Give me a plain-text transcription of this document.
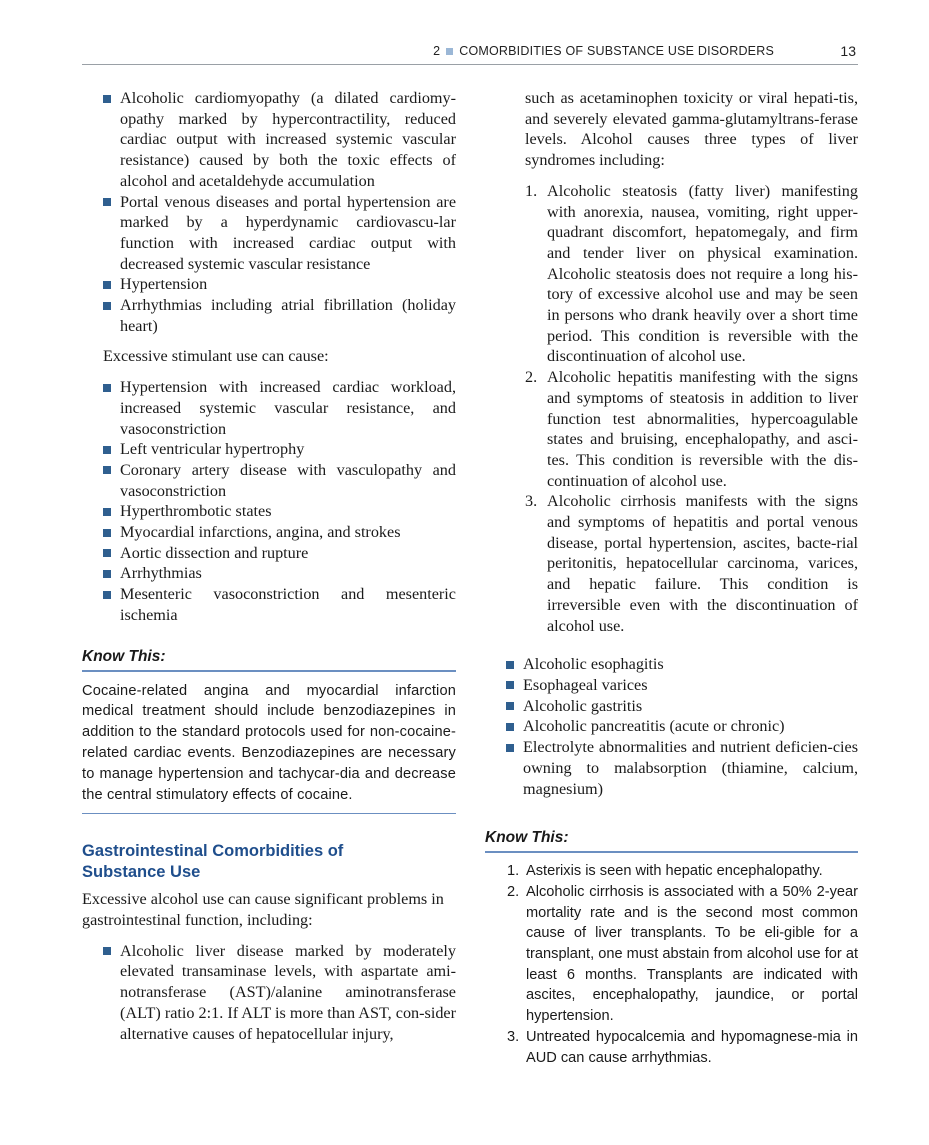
2 COMORBIDITIES OF SUBSTANCE USE DISORDERS	13
Alcoholic cardiomyopathy (a dilated cardiomy-opathy marked by hypercontractility, reduced cardiac output with increased systemic vascular resistance) caused by both the toxic effects of alcohol and acetaldehyde accumulation
Portal venous diseases and portal hypertension are marked by a hyperdynamic cardiovascu-lar function with increased cardiac output with decreased systemic vascular resistance
Hypertension
Arrhythmias including atrial fibrillation (holiday heart)

Excessive stimulant use can cause:

Hypertension with increased cardiac workload, increased systemic vascular resistance, and vasoconstriction
Left ventricular hypertrophy
Coronary artery disease with vasculopathy and vasoconstriction
Hyperthrombotic states
Myocardial infarctions, angina, and strokes
Aortic dissection and rupture
Arrhythmias
Mesenteric vasoconstriction and mesenteric ischemia

Know This:

Cocaine-related angina and myocardial infarction medical treatment should include benzodiazepines in addition to the standard protocols used for non-cocaine-related cardiac events. Benzodiazepines are necessary to manage hypertension and tachycar-dia and decrease the central stimulatory effects of cocaine.

Gastrointestinal Comorbidities of

Substance Use

Excessive alcohol use can cause significant problems in gastrointestinal function, including:

Alcoholic liver disease marked by moderately elevated transaminase levels, with aspartate ami-notransferase (AST)/alanine aminotransferase (ALT) ratio 2:1. If ALT is more than AST, con-sider alternative causes of hepatocellular injury,

such as acetaminophen toxicity or viral hepati-tis, and severely elevated gamma-glutamyltrans-ferase levels. Alcohol causes three types of liver syndromes including:

1. Alcoholic steatosis (fatty liver) manifesting with anorexia, nausea, vomiting, right upper-quadrant discomfort, hepatomegaly, and firm and tender liver on physical examination. Alcoholic steatosis does not require a long his-tory of excessive alcohol use and may be seen in persons who drank heavily over a short time period. This condition is reversible with the discontinuation of alcohol use.
2. Alcoholic hepatitis manifesting with the signs and symptoms of steatosis in addition to liver function test abnormalities, hypercoagulable states and bruising, encephalopathy, and asci-tes. This condition is reversible with the dis-continuation of alcohol use.
3. Alcoholic cirrhosis manifests with the signs and symptoms of hepatitis and portal venous disease, portal hypertension, ascites, bacte-rial peritonitis, hepatocellular carcinoma, varices, and hepatic failure. This condition is irreversible even with the discontinuation of alcohol use.
Alcoholic esophagitis
Esophageal varices
Alcoholic gastritis
Alcoholic pancreatitis (acute or chronic)
Electrolyte abnormalities and nutrient deficien-cies owning to malabsorption (thiamine, calcium, magnesium)

Know This:

1. Asterixis is seen with hepatic encephalopathy.
2. Alcoholic cirrhosis is associated with a 50% 2-year mortality rate and is the second most common cause of liver transplants. To be eli-gible for a transplant, one must abstain from alcohol use for at least 6 months. Transplants are indicated with ascites, encephalopathy, jaundice, or portal hypertension.
3. Untreated hypocalcemia and hypomagnese-mia in AUD can cause arrhythmias.
